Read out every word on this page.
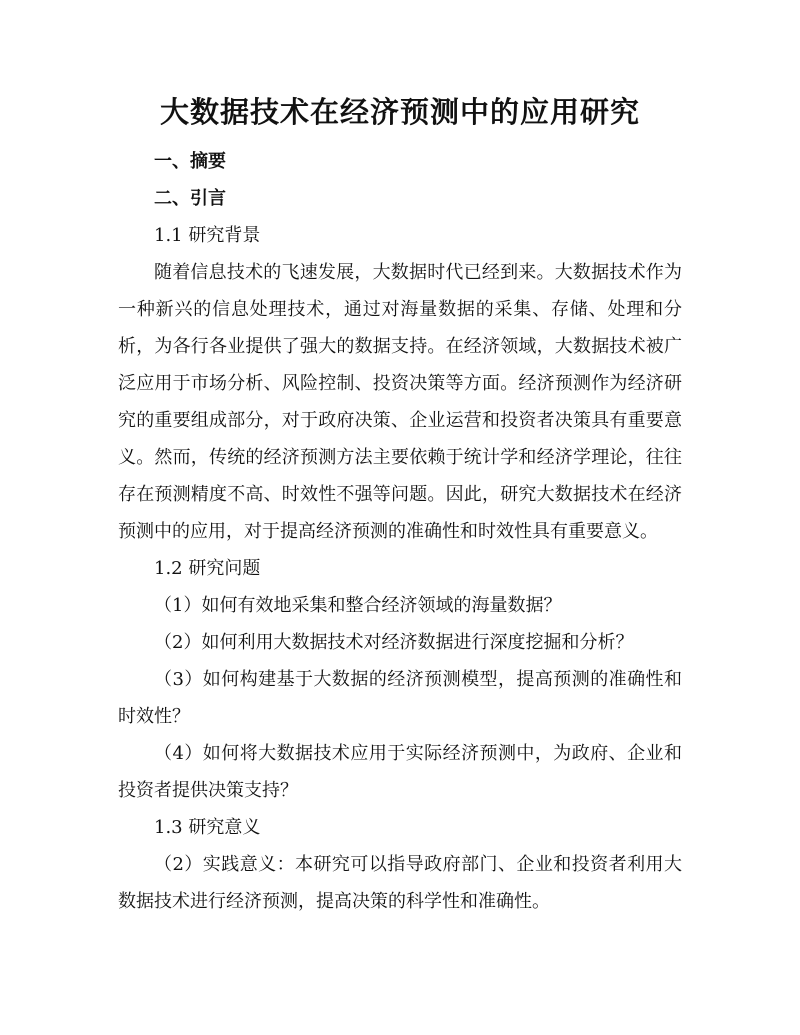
大数据技术在经济预测中的应用研究

一、摘要

二、引言

1.1 研究背景

随着信息技术的飞速发展，大数据时代已经到来。大数据技术作为一种新兴的信息处理技术，通过对海量数据的采集、存储、处理和分析，为各行各业提供了强大的数据支持。在经济领域，大数据技术被广泛应用于市场分析、风险控制、投资决策等方面。经济预测作为经济研究的重要组成部分，对于政府决策、企业运营和投资者决策具有重要意义。然而，传统的经济预测方法主要依赖于统计学和经济学理论，往往存在预测精度不高、时效性不强等问题。因此，研究大数据技术在经济预测中的应用，对于提高经济预测的准确性和时效性具有重要意义。

1.2 研究问题

（1）如何有效地采集和整合经济领域的海量数据？

（2）如何利用大数据技术对经济数据进行深度挖掘和分析？

（3）如何构建基于大数据的经济预测模型，提高预测的准确性和时效性？

（4）如何将大数据技术应用于实际经济预测中，为政府、企业和投资者提供决策支持？

1.3 研究意义

（2）实践意义：本研究可以指导政府部门、企业和投资者利用大数据技术进行经济预测，提高决策的科学性和准确性。
